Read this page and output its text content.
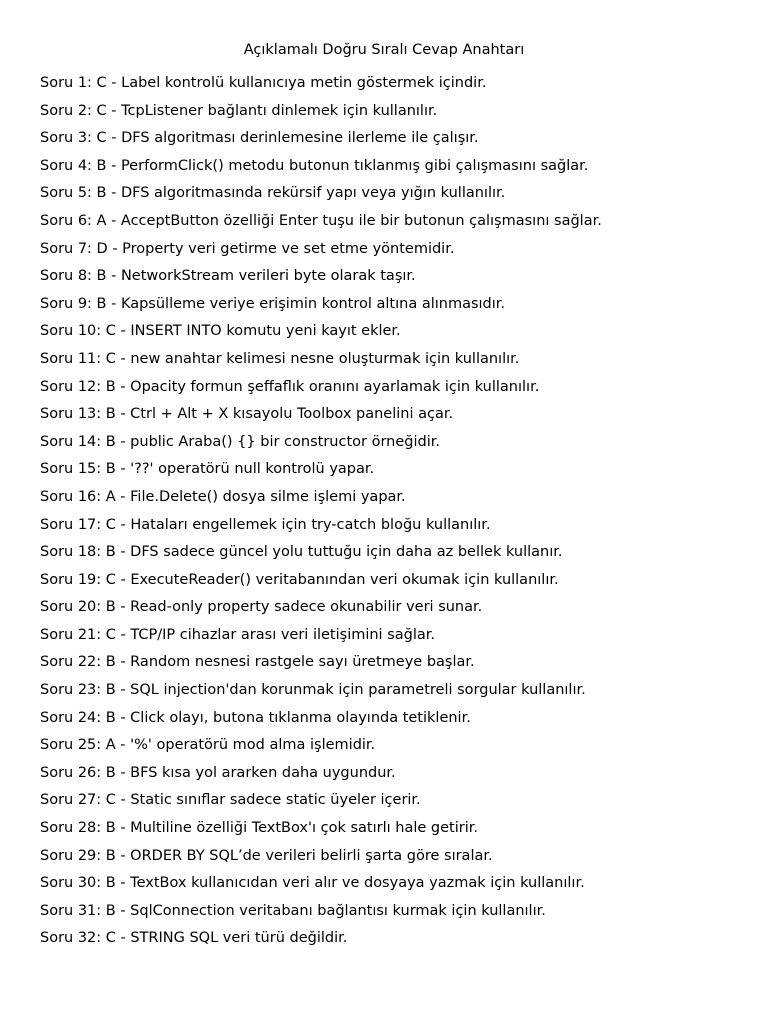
Açıklamalı Doğru Sıralı Cevap Anahtarı
Soru 1: C - Label kontrolü kullanıcıya metin göstermek içindir.
Soru 2: C - TcpListener bağlantı dinlemek için kullanılır.
Soru 3: C - DFS algoritması derinlemesine ilerleme ile çalışır.
Soru 4: B - PerformClick() metodu butonun tıklanmış gibi çalışmasını sağlar.
Soru 5: B - DFS algoritmasında rekürsif yapı veya yığın kullanılır.
Soru 6: A - AcceptButton özelliği Enter tuşu ile bir butonun çalışmasını sağlar.
Soru 7: D - Property veri getirme ve set etme yöntemidir.
Soru 8: B - NetworkStream verileri byte olarak taşır.
Soru 9: B - Kapsülleme veriye erişimin kontrol altına alınmasıdır.
Soru 10: C - INSERT INTO komutu yeni kayıt ekler.
Soru 11: C - new anahtar kelimesi nesne oluşturmak için kullanılır.
Soru 12: B - Opacity formun şeffaflık oranını ayarlamak için kullanılır.
Soru 13: B - Ctrl + Alt + X kısayolu Toolbox panelini açar.
Soru 14: B - public Araba() {} bir constructor örneğidir.
Soru 15: B - '??' operatörü null kontrolü yapar.
Soru 16: A - File.Delete() dosya silme işlemi yapar.
Soru 17: C - Hataları engellemek için try-catch bloğu kullanılır.
Soru 18: B - DFS sadece güncel yolu tuttuğu için daha az bellek kullanır.
Soru 19: C - ExecuteReader() veritabanından veri okumak için kullanılır.
Soru 20: B - Read-only property sadece okunabilir veri sunar.
Soru 21: C - TCP/IP cihazlar arası veri iletişimini sağlar.
Soru 22: B - Random nesnesi rastgele sayı üretmeye başlar.
Soru 23: B - SQL injection'dan korunmak için parametreli sorgular kullanılır.
Soru 24: B - Click olayı, butona tıklanma olayında tetiklenir.
Soru 25: A - '%' operatörü mod alma işlemidir.
Soru 26: B - BFS kısa yol ararken daha uygundur.
Soru 27: C - Static sınıflar sadece static üyeler içerir.
Soru 28: B - Multiline özelliği TextBox'ı çok satırlı hale getirir.
Soru 29: B - ORDER BY SQL’de verileri belirli şarta göre sıralar.
Soru 30: B - TextBox kullanıcıdan veri alır ve dosyaya yazmak için kullanılır.
Soru 31: B - SqlConnection veritabanı bağlantısı kurmak için kullanılır.
Soru 32: C - STRING SQL veri türü değildir.
